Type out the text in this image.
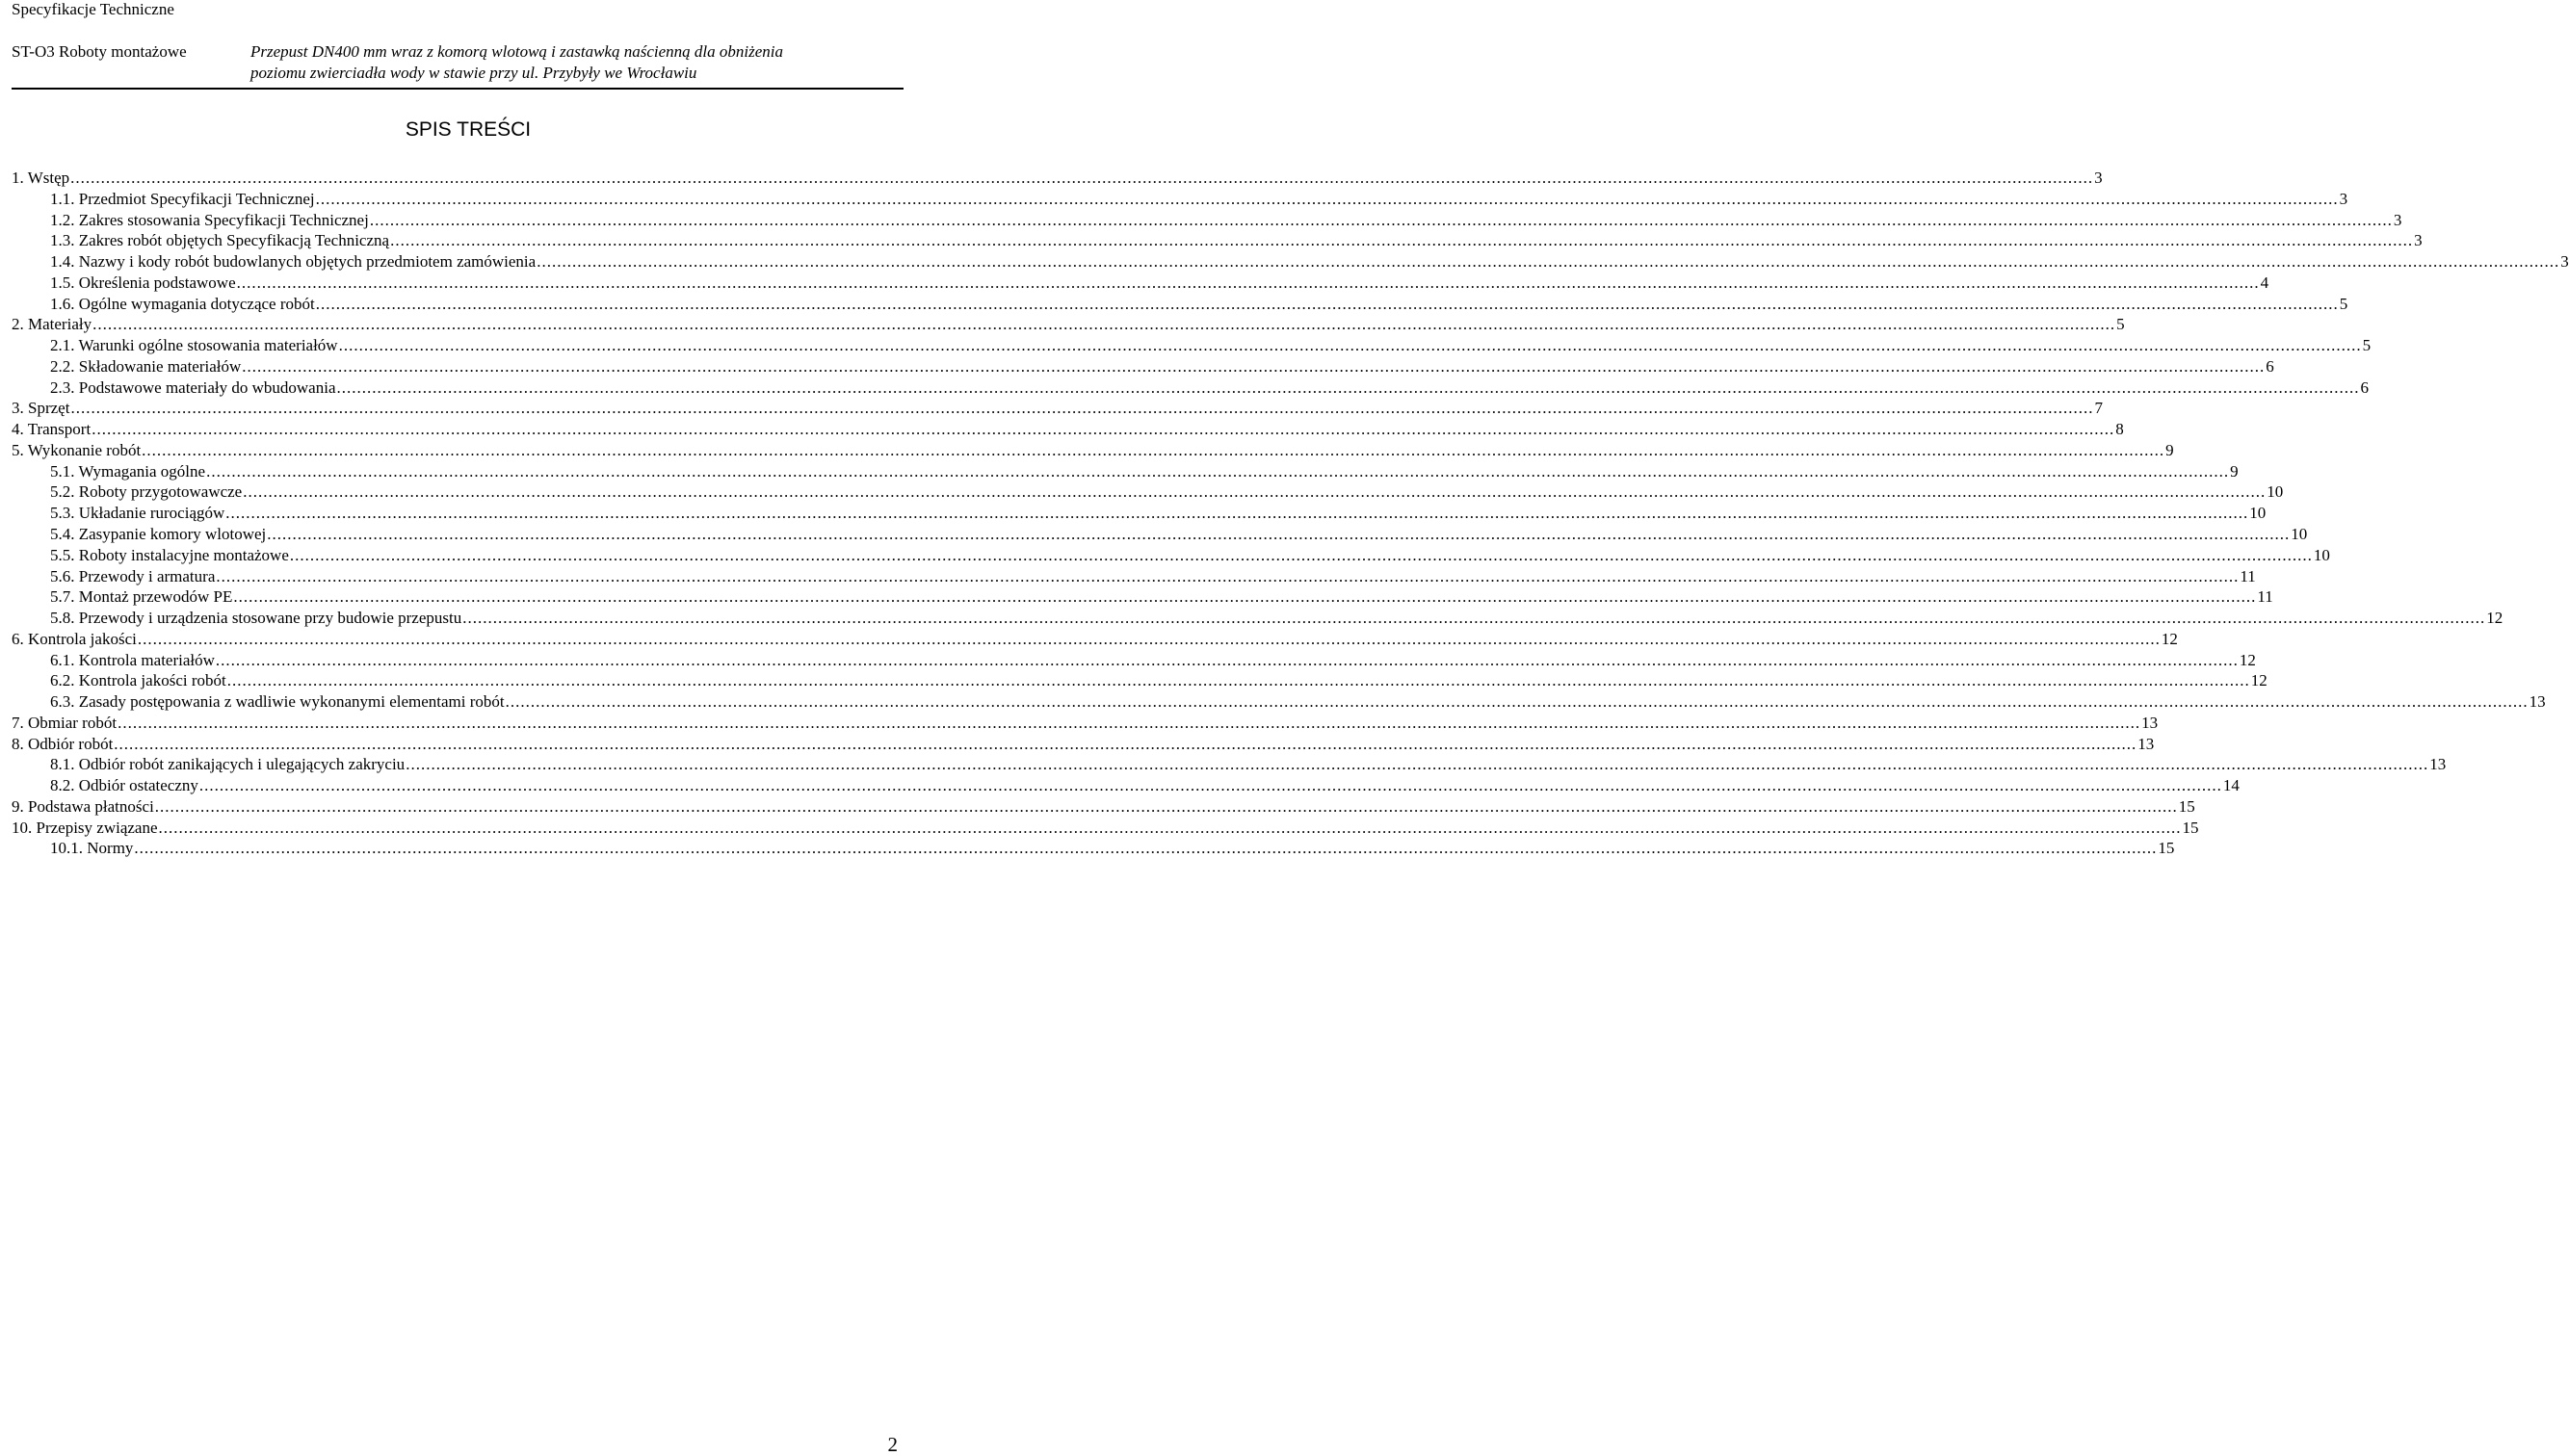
Specyfikacje Techniczne
ST-O3 Roboty montażowe	Przepust DN400 mm wraz z komorą wlotową i zastawką naścienną dla obniżenia
poziomu zwierciadła wody w stawie przy ul. Przybyły we Wrocławiu
SPIS TREŚCI
1. Wstęp ................................................................................................................................................................................................................................................................................................................................................................................................................ 3
1.1. Przedmiot Specyfikacji Technicznej ................................................................................................................................................................................................................................................................................................................................................................................................................ 3
1.2. Zakres stosowania Specyfikacji Technicznej ................................................................................................................................................................................................................................................................................................................................................................................................................ 3
1.3. Zakres robót objętych Specyfikacją Techniczną ................................................................................................................................................................................................................................................................................................................................................................................................................ 3
1.4. Nazwy i kody robót budowlanych objętych przedmiotem zamówienia ................................................................................................................................................................................................................................................................................................................................................................................................................ 3
1.5. Określenia podstawowe ................................................................................................................................................................................................................................................................................................................................................................................................................ 4
1.6. Ogólne wymagania dotyczące robót ................................................................................................................................................................................................................................................................................................................................................................................................................ 5
2. Materiały ................................................................................................................................................................................................................................................................................................................................................................................................................ 5
2.1. Warunki ogólne stosowania materiałów ................................................................................................................................................................................................................................................................................................................................................................................................................ 5
2.2. Składowanie materiałów ................................................................................................................................................................................................................................................................................................................................................................................................................ 6
2.3. Podstawowe materiały do wbudowania ................................................................................................................................................................................................................................................................................................................................................................................................................ 6
3. Sprzęt ................................................................................................................................................................................................................................................................................................................................................................................................................ 7
4. Transport ................................................................................................................................................................................................................................................................................................................................................................................................................ 8
5. Wykonanie robót ................................................................................................................................................................................................................................................................................................................................................................................................................ 9
5.1. Wymagania ogólne ................................................................................................................................................................................................................................................................................................................................................................................................................ 9
5.2. Roboty przygotowawcze ................................................................................................................................................................................................................................................................................................................................................................................................................ 10
5.3. Układanie rurociągów ................................................................................................................................................................................................................................................................................................................................................................................................................ 10
5.4. Zasypanie komory wlotowej ................................................................................................................................................................................................................................................................................................................................................................................................................ 10
5.5. Roboty instalacyjne montażowe ................................................................................................................................................................................................................................................................................................................................................................................................................ 10
5.6. Przewody i armatura ................................................................................................................................................................................................................................................................................................................................................................................................................ 11
5.7. Montaż przewodów PE ................................................................................................................................................................................................................................................................................................................................................................................................................ 11
5.8. Przewody i urządzenia stosowane przy budowie przepustu ................................................................................................................................................................................................................................................................................................................................................................................................................ 12
6. Kontrola jakości ................................................................................................................................................................................................................................................................................................................................................................................................................ 12
6.1. Kontrola materiałów ................................................................................................................................................................................................................................................................................................................................................................................................................ 12
6.2. Kontrola jakości robót ................................................................................................................................................................................................................................................................................................................................................................................................................ 12
6.3. Zasady postępowania z wadliwie wykonanymi elementami robót ................................................................................................................................................................................................................................................................................................................................................................................................................ 13
7. Obmiar robót ................................................................................................................................................................................................................................................................................................................................................................................................................ 13
8. Odbiór robót ................................................................................................................................................................................................................................................................................................................................................................................................................ 13
8.1. Odbiór robót zanikających i ulegających zakryciu ................................................................................................................................................................................................................................................................................................................................................................................................................ 13
8.2. Odbiór ostateczny ................................................................................................................................................................................................................................................................................................................................................................................................................ 14
9. Podstawa płatności ................................................................................................................................................................................................................................................................................................................................................................................................................ 15
10. Przepisy związane ................................................................................................................................................................................................................................................................................................................................................................................................................ 15
10.1. Normy ................................................................................................................................................................................................................................................................................................................................................................................................................ 15
2
